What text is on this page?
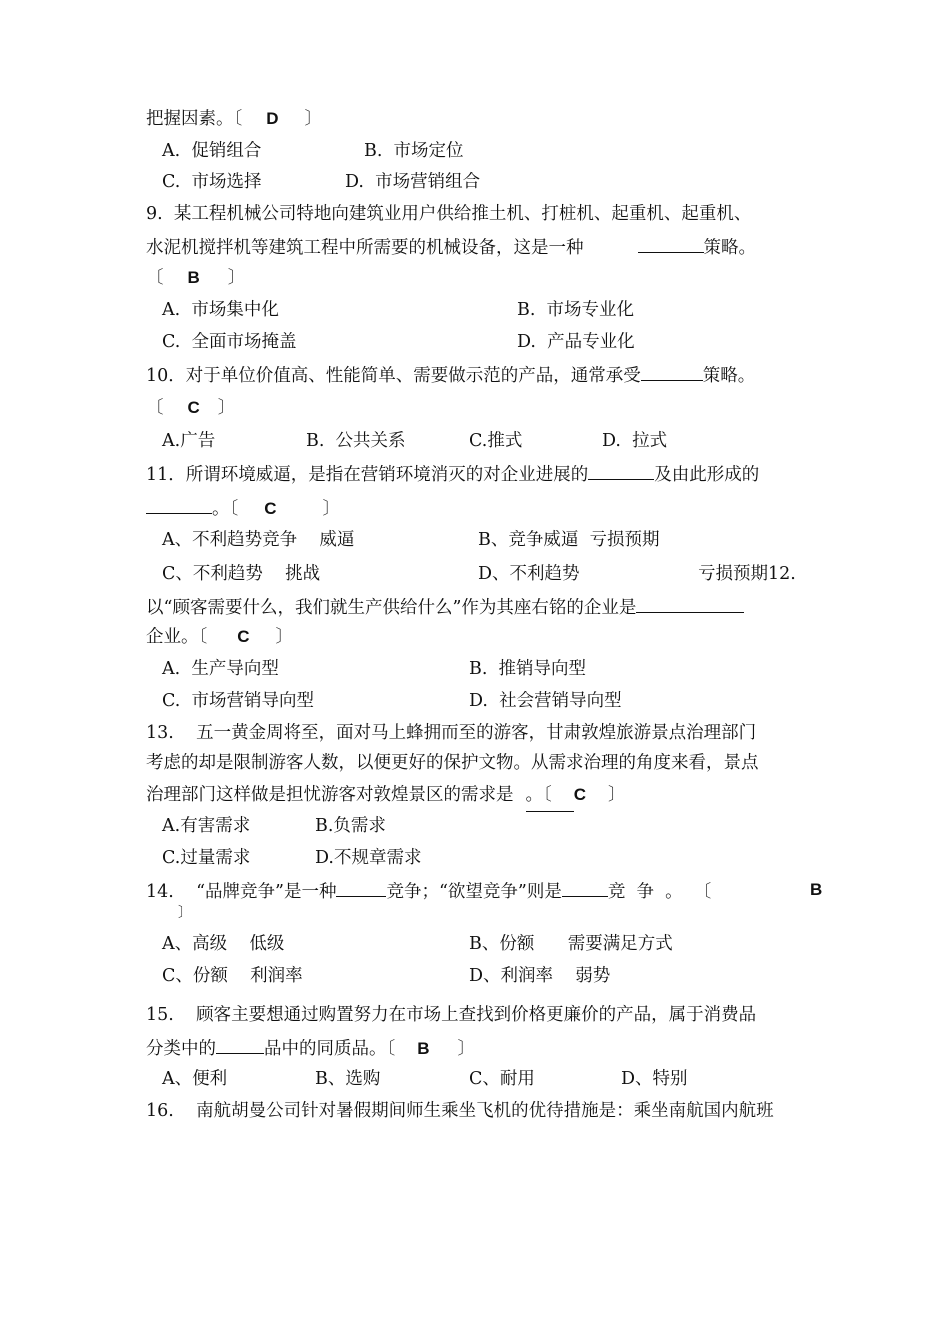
把握因素。〔 D 〕
A.  促销组合	B.  市场定位
C.  市场选择	D.  市场营销组合
9.  某工程机械公司特地向建筑业用户供给推土机、打桩机、起重机、起重机、
水泥机搅拌机等建筑工程中所需要的机械设备，这是一种	策略。
〔 B 〕
A.  市场集中化	B.  市场专业化
C.  全面市场掩盖	D.  产品专业化
10．对于单位价值高、性能简单、需要做示范的产品，通常承受	策略。
〔 C 〕
A.广告	B.  公共关系	C.推式	D.  拉式
11．所谓环境威逼，是指在营销环境消灭的对企业进展的	及由此形成的
。〔 C	〕
A、不利趋势竞争    威逼	B、竞争威逼  亏损预期
C、不利趋势    挑战	D、不利趋势	亏损预期12.
以“顾客需要什么，我们就生产供给什么”作为其座右铭的企业是
企业。〔 C 〕
A.  生产导向型	B.  推销导向型
C.  市场营销导向型	D.  社会营销导向型
13.    五一黄金周将至，面对马上蜂拥而至的游客，甘肃敦煌旅游景点治理部门
考虑的却是限制游客人数，以便更好的保护文物。从需求治理的角度来看，景点
治理部门这样做是担忧游客对敦煌景区的需求是 。〔 C 〕
A.有害需求	B.负需求
C.过量需求	D.不规章需求
14.    “品牌竞争”是一种	竞争；“欲望竞争”则是	竞  争  。  〔	B
〕
A、高级    低级	B、份额      需要满足方式
C、份额    利润率	D、利润率    弱势
15.    顾客主要想通过购置努力在市场上查找到价格更廉价的产品，属于消费品
分类中的	品中的同质品。〔 B 〕
A、便利	B、选购	C、耐用	D、特别
16.    南航胡曼公司针对暑假期间师生乘坐飞机的优待措施是：乘坐南航国内航班
